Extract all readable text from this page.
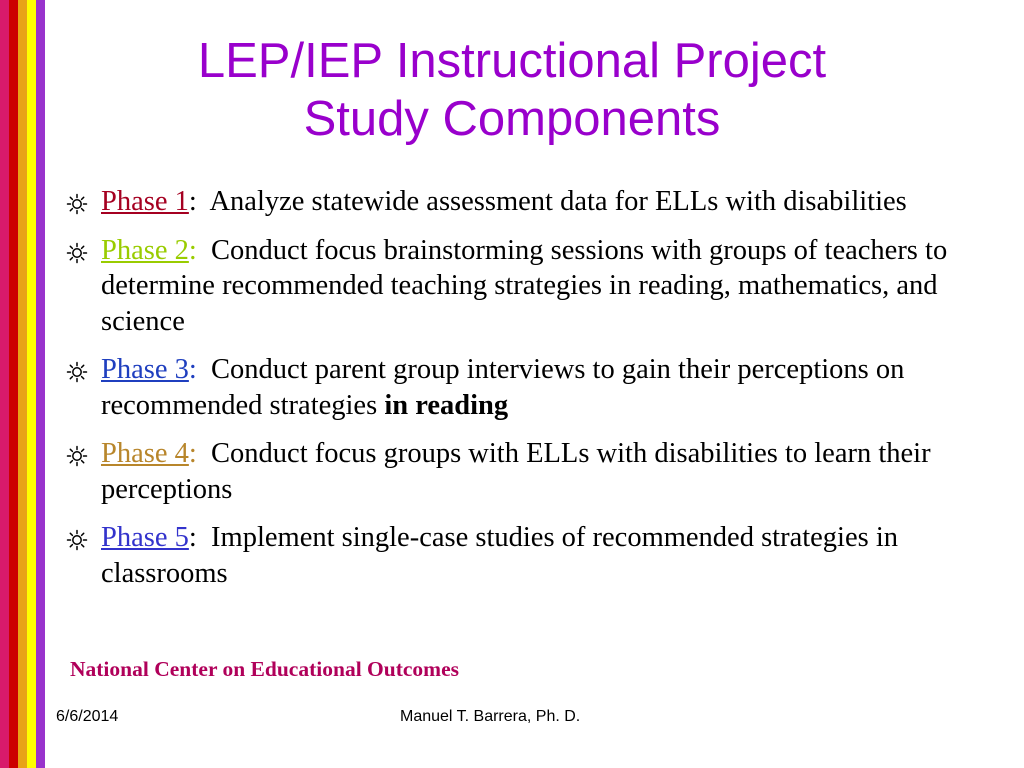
LEP/IEP Instructional Project
Study Components
Phase 1:  Analyze statewide assessment data for ELLs with disabilities
Phase 2:  Conduct focus brainstorming sessions with groups of teachers to determine recommended teaching strategies in reading, mathematics, and science
Phase 3:  Conduct parent group interviews to gain their perceptions on recommended strategies in reading
Phase 4:  Conduct focus groups with ELLs with disabilities to learn their perceptions
Phase 5:  Implement single-case studies of recommended strategies in classrooms
National Center on Educational Outcomes
6/6/2014	Manuel T. Barrera, Ph. D.
